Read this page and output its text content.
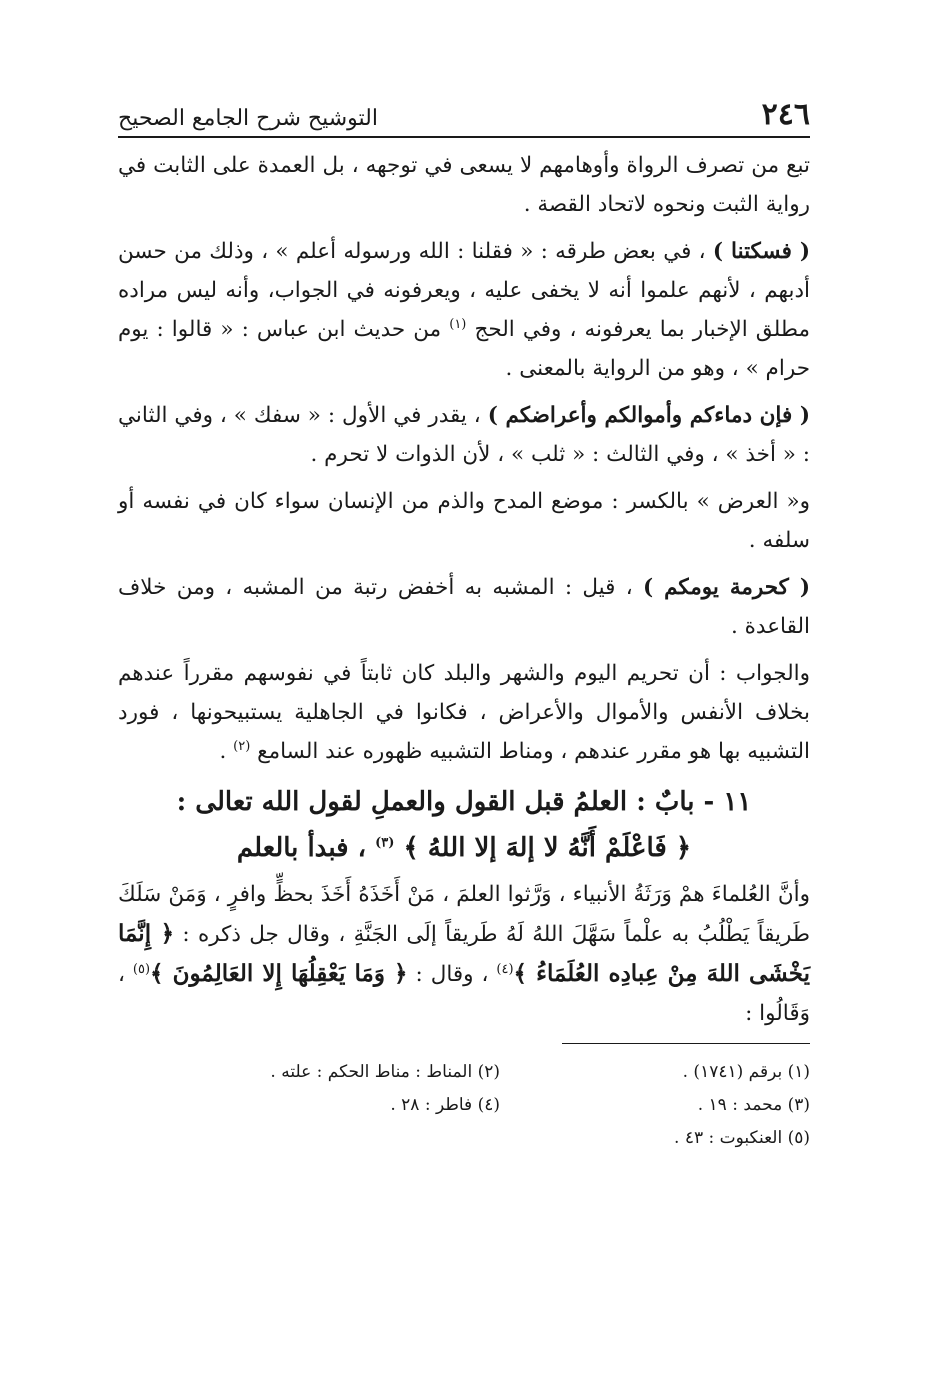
٢٤٦
التوشيح شرح الجامع الصحيح

تبع من تصرف الرواة وأوهامهم لا يسعى في توجهه ، بل العمدة على الثابت في رواية الثبت ونحوه لاتحاد القصة .

( فسكتنا ) ، في بعض طرقه : « فقلنا : الله ورسوله أعلم » ، وذلك من حسن أدبهم ، لأنهم علموا أنه لا يخفى عليه ، ويعرفونه في الجواب، وأنه ليس مراده مطلق الإخبار بما يعرفونه ، وفي الحج $^{(١)}$ من حديث ابن عباس : « قالوا : يوم حرام » ، وهو من الرواية بالمعنى .

( فإن دماءكم وأموالكم وأعراضكم ) ، يقدر في الأول : « سفك » ، وفي الثاني : « أخذ » ، وفي الثالث : « ثلب » ، لأن الذوات لا تحرم .

و« العرض » بالكسر : موضع المدح والذم من الإنسان سواء كان في نفسه أو سلفه .

( كحرمة يومكم ) ، قيل : المشبه به أخفض رتبة من المشبه ، ومن خلاف القاعدة .

والجواب : أن تحريم اليوم والشهر والبلد كان ثابتاً في نفوسهم مقرراً عندهم بخلاف الأنفس والأموال والأعراض ، فكانوا في الجاهلية يستبيحونها ، فورد التشبيه بها هو مقرر عندهم ، ومناط التشبيه ظهوره عند السامع $^{(٢)}$ .

١١ - بابٌ : العلمُ قبل القول والعملِ لقول الله تعالى :
﴿ فَاعْلَمْ أَنَّهُ لا إلهَ إلا اللهُ ﴾ $^{(٣)}$ ، فبدأ بالعلم

وأنَّ العُلماءَ همْ وَرَثَةُ الأنبياء ، وَرَّثوا العلمَ ، مَنْ أَخَذَهُ أَخَذَ بحظٍّ وافرٍ ، وَمَنْ سَلَكَ طَريقاً يَطْلُبُ به علْماً سَهَّلَ اللهُ لَهُ طَريقاً إلَى الجَنَّةِ ، وقال جل ذكره : ﴿ إِنَّمَا يَخْشَى اللهَ مِنْ عِبادِه العُلَمَاءُ ﴾$^{(٤)}$ ، وقال : ﴿ وَمَا يَعْقِلُهَا إِلا العَالِمُونَ ﴾$^{(٥)}$ ، وَقَالُوا :

(١) برقم (١٧٤١) .
(٢) المناط : مناط الحكم : علته .
(٣) محمد : ١٩ .
(٤) فاطر : ٢٨ .
(٥) العنكبوت : ٤٣ .
